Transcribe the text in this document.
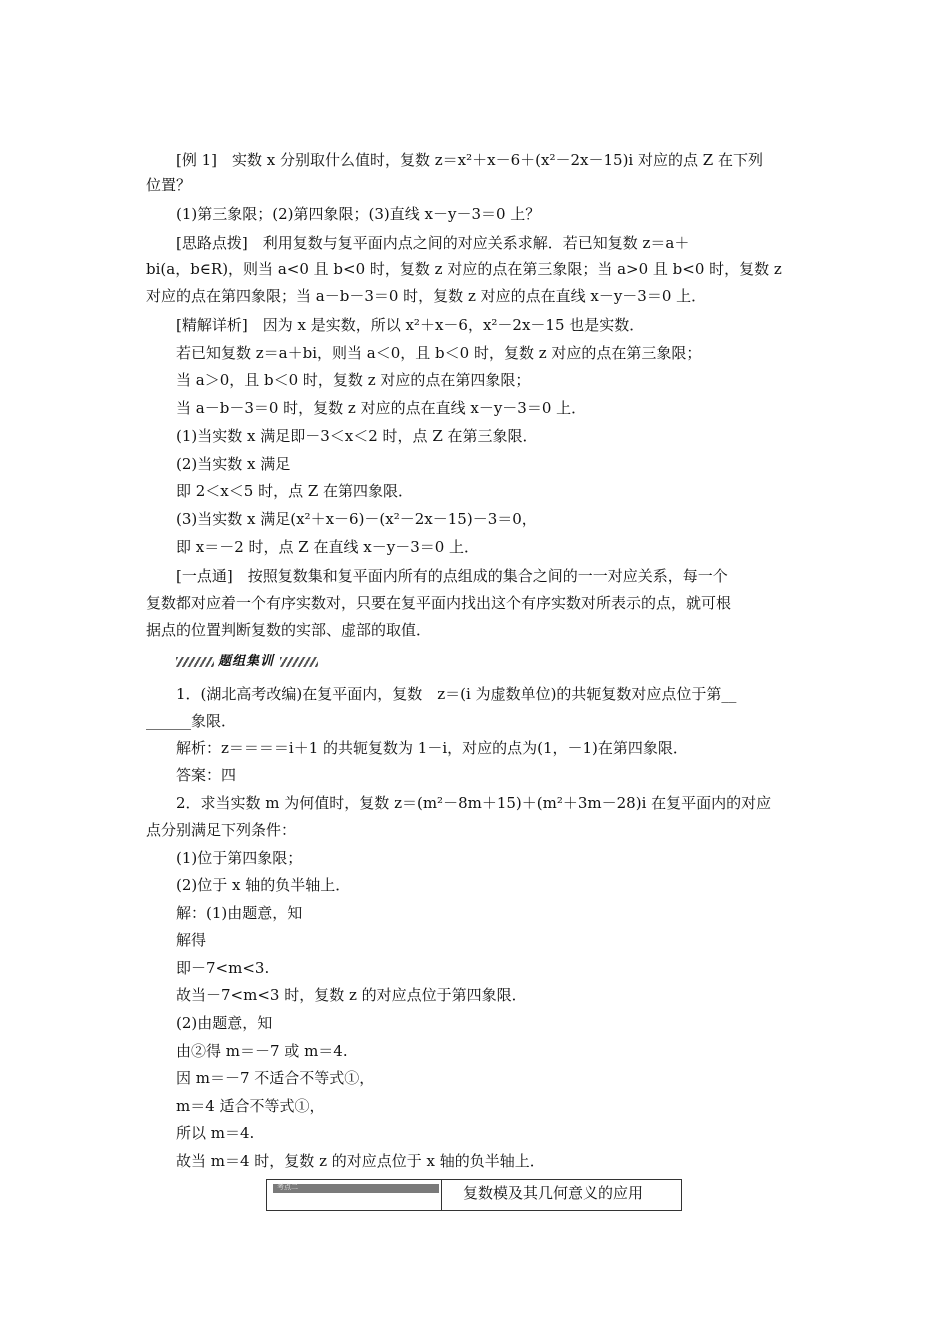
[例 1]　实数 x 分别取什么值时，复数 z＝x²＋x－6＋(x²－2x－15)i 对应的点 Z 在下列
位置？
(1)第三象限；(2)第四象限；(3)直线 x－y－3＝0 上？
[思路点拨]　利用复数与复平面内点之间的对应关系求解．若已知复数 z＝a＋
bi(a，b∈R)，则当 a<0 且 b<0 时，复数 z 对应的点在第三象限；当 a>0 且 b<0 时，复数 z
对应的点在第四象限；当 a－b－3＝0 时，复数 z 对应的点在直线 x－y－3＝0 上．
[精解详析]　因为 x 是实数，所以 x²＋x－6，x²－2x－15 也是实数．
若已知复数 z＝a＋bi，则当 a＜0，且 b＜0 时，复数 z 对应的点在第三象限；
当 a＞0，且 b＜0 时，复数 z 对应的点在第四象限；
当 a－b－3＝0 时，复数 z 对应的点在直线 x－y－3＝0 上．
(1)当实数 x 满足即－3＜x＜2 时，点 Z 在第三象限．
(2)当实数 x 满足
即 2＜x＜5 时，点 Z 在第四象限．
(3)当实数 x 满足(x²＋x－6)－(x²－2x－15)－3＝0，
即 x＝－2 时，点 Z 在直线 x－y－3＝0 上．
[一点通]　按照复数集和复平面内所有的点组成的集合之间的一一对应关系，每一个
复数都对应着一个有序实数对，只要在复平面内找出这个有序实数对所表示的点，就可根
据点的位置判断复数的实部、虚部的取值．
1．(湖北高考改编)在复平面内，复数　z＝(i 为虚数单位)的共轭复数对应点位于第__
______象限．
解析：z＝＝＝＝i＋1 的共轭复数为 1－i，对应的点为(1，－1)在第四象限．
答案：四
2．求当实数 m 为何值时，复数 z＝(m²－8m＋15)＋(m²＋3m－28)i 在复平面内的对应
点分别满足下列条件：
(1)位于第四象限；
(2)位于 x 轴的负半轴上．
解：(1)由题意，知
解得
即－7<m<3.
故当－7<m<3 时，复数 z 的对应点位于第四象限．
(2)由题意，知
由②得 m＝－7 或 m＝4.
因 m＝－7 不适合不等式①，
m＝4 适合不等式①，
所以 m＝4.
故当 m＝4 时，复数 z 的对应点位于 x 轴的负半轴上．
题组集训
考点二	复数模及其几何意义的应用
